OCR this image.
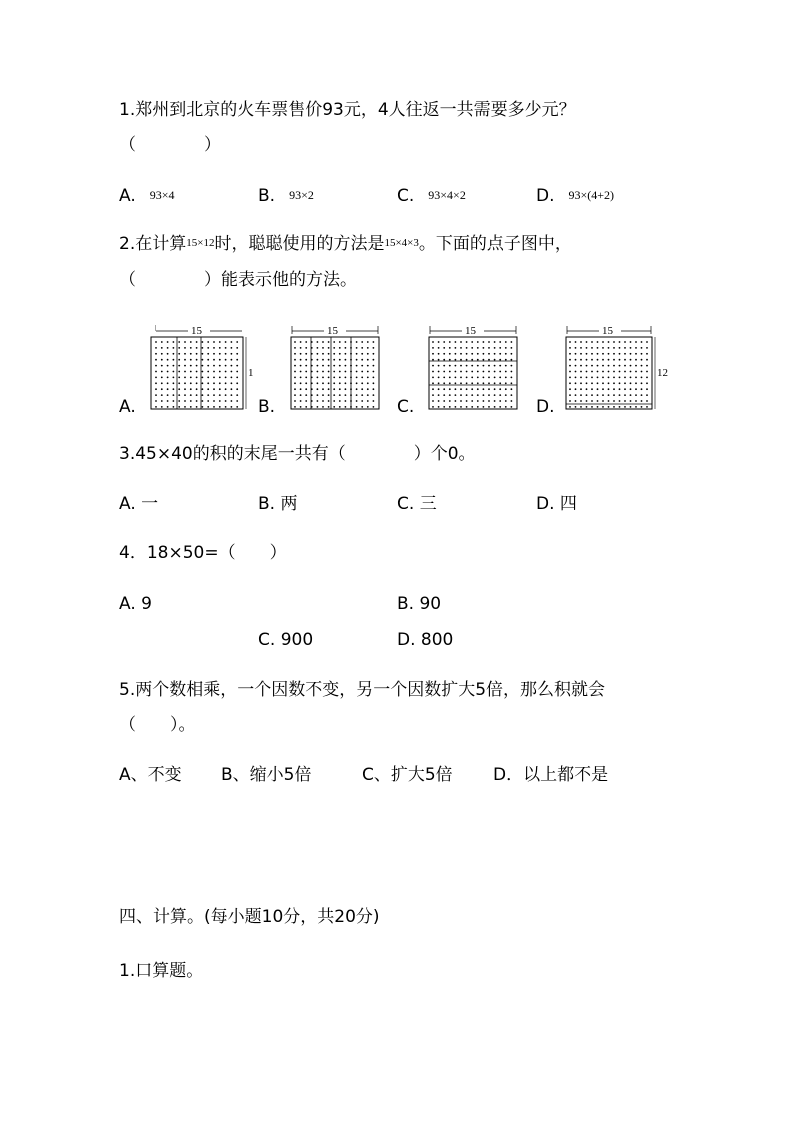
1.郑州到北京的火车票售价93元，4人往返一共需要多少元？
（　　　　）
A. 93×4	B. 93×2	C. 93×4×2	D. 93×(4+2)
2.在计算15×12时，聪聪使用的方法是15×4×3。下面的点子图中，
（　　　　）能表示他的方法。
A.	B.	C.	D.
15
1
15	15	15
12
3.45×40的积的末尾一共有（　　　　）个0。
A. 一	B. 两	C. 三	D. 四
4．18×50=（　　）
A. 9	B. 90
C. 900	D. 800
5.两个数相乘，一个因数不变，另一个因数扩大5倍，那么积就会
（　　）。
A、不变 B、缩小5倍	C、扩大5倍 D．以上都不是
四、计算。(每小题10分，共20分)
1.口算题。
